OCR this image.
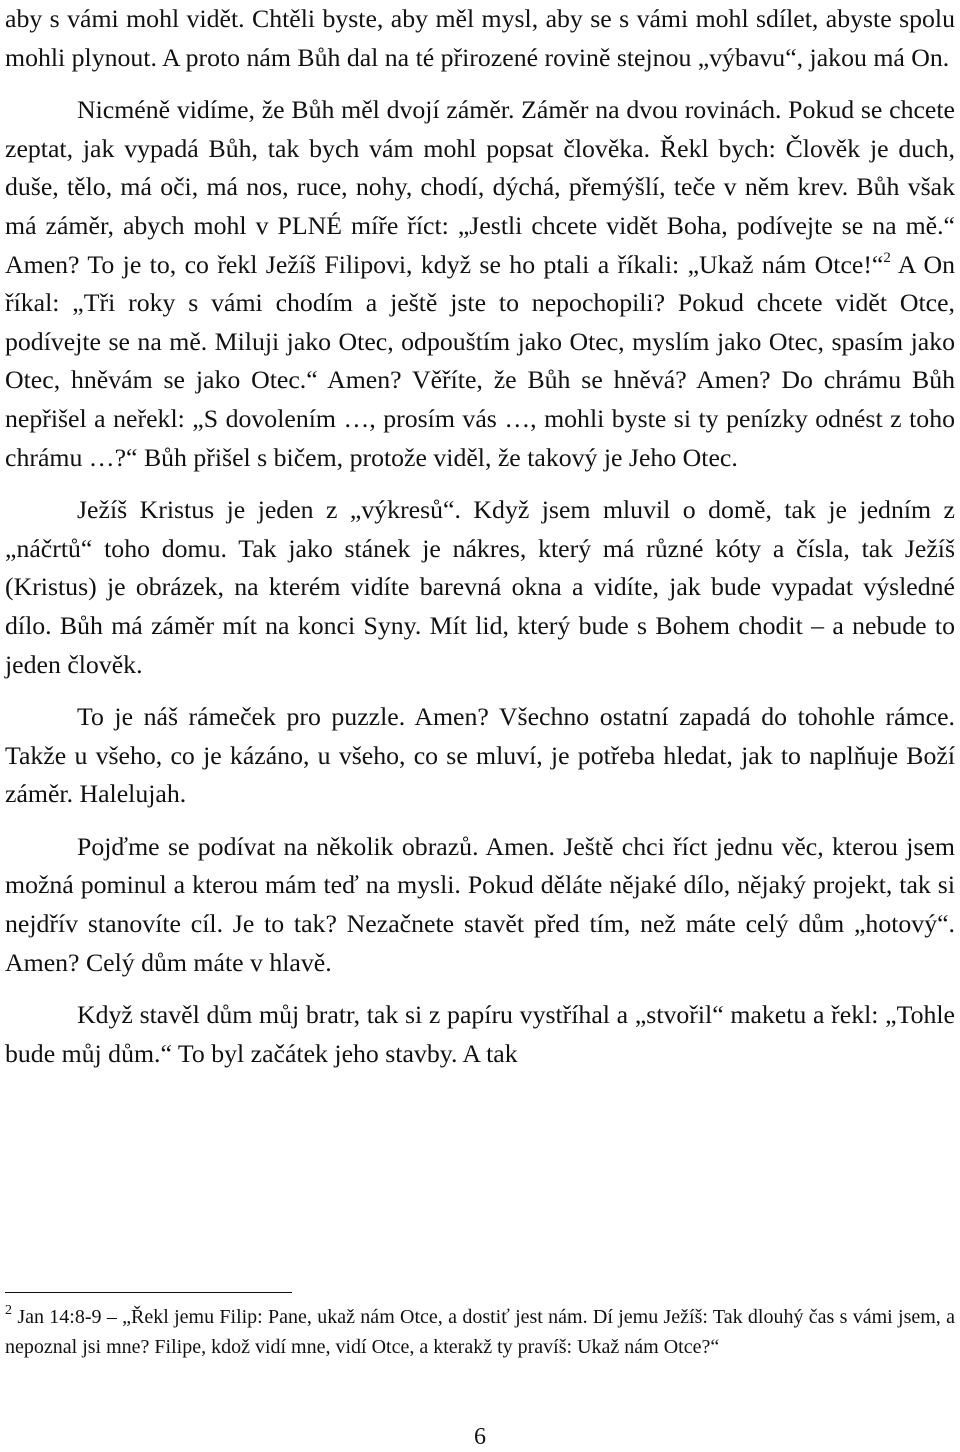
aby s vámi mohl vidět. Chtěli byste, aby měl mysl, aby se s vámi mohl sdílet, abyste spolu mohli plynout. A proto nám Bůh dal na té přirozené rovině stejnou „výbavu“, jakou má On.

Nicméně vidíme, že Bůh měl dvojí záměr. Záměr na dvou rovinách. Pokud se chcete zeptat, jak vypadá Bůh, tak bych vám mohl popsat člověka. Řekl bych: Člověk je duch, duše, tělo, má oči, má nos, ruce, nohy, chodí, dýchá, přemýšlí, teče v něm krev. Bůh však má záměr, abych mohl v PLNÉ míře říct: „Jestli chcete vidět Boha, podívejte se na mě.“ Amen? To je to, co řekl Ježíš Filipovi, když se ho ptali a říkali: „Ukaž nám Otce!“$^2$ A On říkal: „Tři roky s vámi chodím a ještě jste to nepochopili? Pokud chcete vidět Otce, podívejte se na mě. Miluji jako Otec, odpouštím jako Otec, myslím jako Otec, spasím jako Otec, hněvám se jako Otec.“ Amen? Věříte, že Bůh se hněvá? Amen? Do chrámu Bůh nepřišel a neřekl: „S dovolením …, prosím vás …, mohli byste si ty penízky odnést z toho chrámu …?“ Bůh přišel s bičem, protože viděl, že takový je Jeho Otec.

Ježíš Kristus je jeden z „výkresů“. Když jsem mluvil o domě, tak je jedním z „náčrtů“ toho domu. Tak jako stánek je nákres, který má různé kóty a čísla, tak Ježíš (Kristus) je obrázek, na kterém vidíte barevná okna a vidíte, jak bude vypadat výsledné dílo. Bůh má záměr mít na konci Syny. Mít lid, který bude s Bohem chodit – a nebude to jeden člověk.

To je náš rámeček pro puzzle. Amen? Všechno ostatní zapadá do tohohle rámce. Takže u všeho, co je kázáno, u všeho, co se mluví, je potřeba hledat, jak to naplňuje Boží záměr. Halelujah.

Pojďme se podívat na několik obrazů. Amen. Ještě chci říct jednu věc, kterou jsem možná pominul a kterou mám teď na mysli. Pokud děláte nějaké dílo, nějaký projekt, tak si nejdřív stanovíte cíl. Je to tak? Nezačnete stavět před tím, než máte celý dům „hotový“. Amen? Celý dům máte v hlavě.

Když stavěl dům můj bratr, tak si z papíru vystříhal a „stvořil“ maketu a řekl: „Tohle bude můj dům.“ To byl začátek jeho stavby. A tak

$^2$ Jan 14:8-9 – „Řekl jemu Filip: Pane, ukaž nám Otce, a dostiť jest nám. Dí jemu Ježíš: Tak dlouhý čas s vámi jsem, a nepoznal jsi mne? Filipe, kdož vidí mne, vidí Otce, a kterakž ty pravíš: Ukaž nám Otce?“

6
